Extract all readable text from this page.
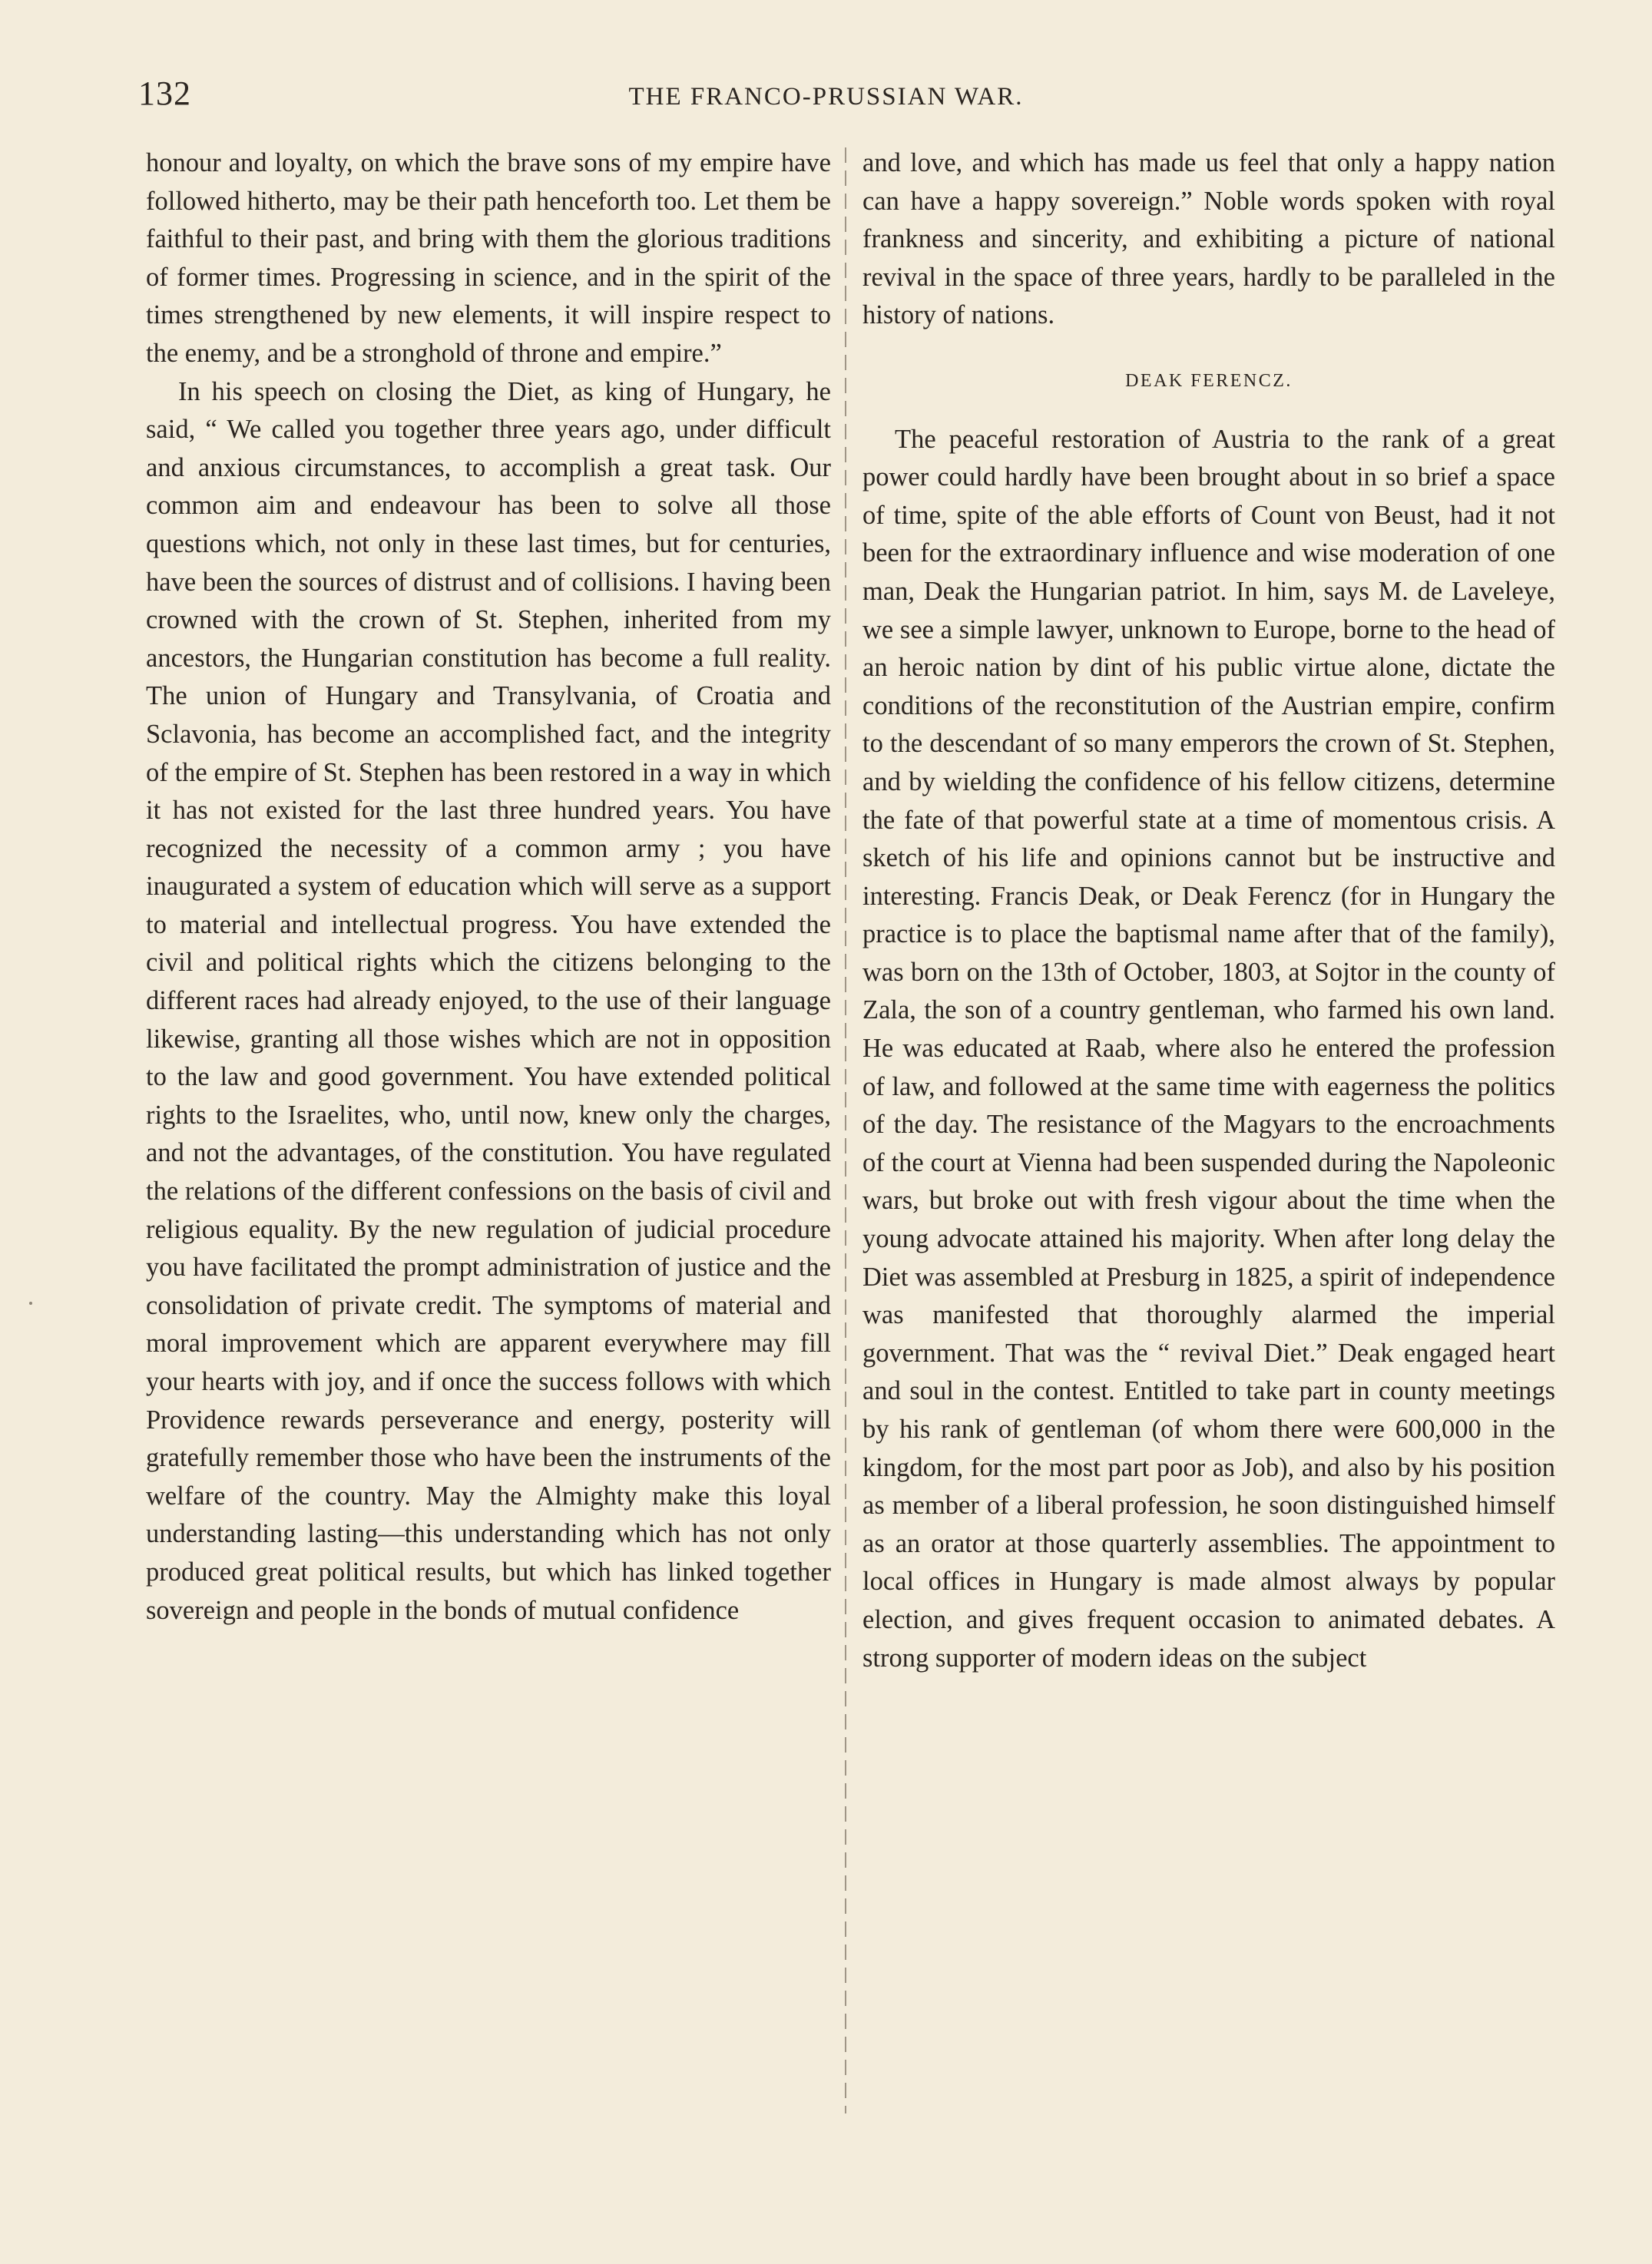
132	THE FRANCO-PRUSSIAN WAR.

honour and loyalty, on which the brave sons of my empire have followed hitherto, may be their path henceforth too. Let them be faithful to their past, and bring with them the glorious traditions of former times. Progressing in science, and in the spirit of the times strengthened by new elements, it will inspire respect to the enemy, and be a stronghold of throne and empire.”

In his speech on closing the Diet, as king of Hungary, he said, “ We called you together three years ago, under difficult and anxious circumstances, to accomplish a great task. Our common aim and endeavour has been to solve all those questions which, not only in these last times, but for centuries, have been the sources of distrust and of collisions. I having been crowned with the crown of St. Stephen, inherited from my ancestors, the Hungarian constitution has become a full reality. The union of Hungary and Transylvania, of Croatia and Sclavonia, has become an accomplished fact, and the integrity of the empire of St. Stephen has been restored in a way in which it has not existed for the last three hundred years. You have recognized the necessity of a common army ; you have inaugurated a system of education which will serve as a support to material and intellectual progress. You have extended the civil and political rights which the citizens belonging to the different races had already enjoyed, to the use of their language likewise, granting all those wishes which are not in opposition to the law and good government. You have extended political rights to the Israelites, who, until now, knew only the charges, and not the advantages, of the constitution. You have regulated the relations of the different confessions on the basis of civil and religious equality. By the new regulation of judicial procedure you have facilitated the prompt administration of justice and the consolidation of private credit. The symptoms of material and moral improvement which are apparent everywhere may fill your hearts with joy, and if once the success follows with which Providence rewards perseverance and energy, posterity will gratefully remember those who have been the instruments of the welfare of the country. May the Almighty make this loyal understanding lasting—this understanding which has not only produced great political results, but which has linked together sovereign and people in the bonds of mutual confidence

and love, and which has made us feel that only a happy nation can have a happy sovereign.” Noble words spoken with royal frankness and sincerity, and exhibiting a picture of national revival in the space of three years, hardly to be paralleled in the history of nations.

DEAK FERENCZ.

The peaceful restoration of Austria to the rank of a great power could hardly have been brought about in so brief a space of time, spite of the able efforts of Count von Beust, had it not been for the extraordinary influence and wise moderation of one man, Deak the Hungarian patriot. In him, says M. de Laveleye, we see a simple lawyer, unknown to Europe, borne to the head of an heroic nation by dint of his public virtue alone, dictate the conditions of the reconstitution of the Austrian empire, confirm to the descendant of so many emperors the crown of St. Stephen, and by wielding the confidence of his fellow citizens, determine the fate of that powerful state at a time of momentous crisis. A sketch of his life and opinions cannot but be instructive and interesting. Francis Deak, or Deak Ferencz (for in Hungary the practice is to place the baptismal name after that of the family), was born on the 13th of October, 1803, at Sojtor in the county of Zala, the son of a country gentleman, who farmed his own land. He was educated at Raab, where also he entered the profession of law, and followed at the same time with eagerness the politics of the day. The resistance of the Magyars to the encroachments of the court at Vienna had been suspended during the Napoleonic wars, but broke out with fresh vigour about the time when the young advocate attained his majority. When after long delay the Diet was assembled at Presburg in 1825, a spirit of independence was manifested that thoroughly alarmed the imperial government. That was the “ revival Diet.” Deak engaged heart and soul in the contest. Entitled to take part in county meetings by his rank of gentleman (of whom there were 600,000 in the kingdom, for the most part poor as Job), and also by his position as member of a liberal profession, he soon distinguished himself as an orator at those quarterly assemblies. The appointment to local offices in Hungary is made almost always by popular election, and gives frequent occasion to animated debates. A strong supporter of modern ideas on the subject
